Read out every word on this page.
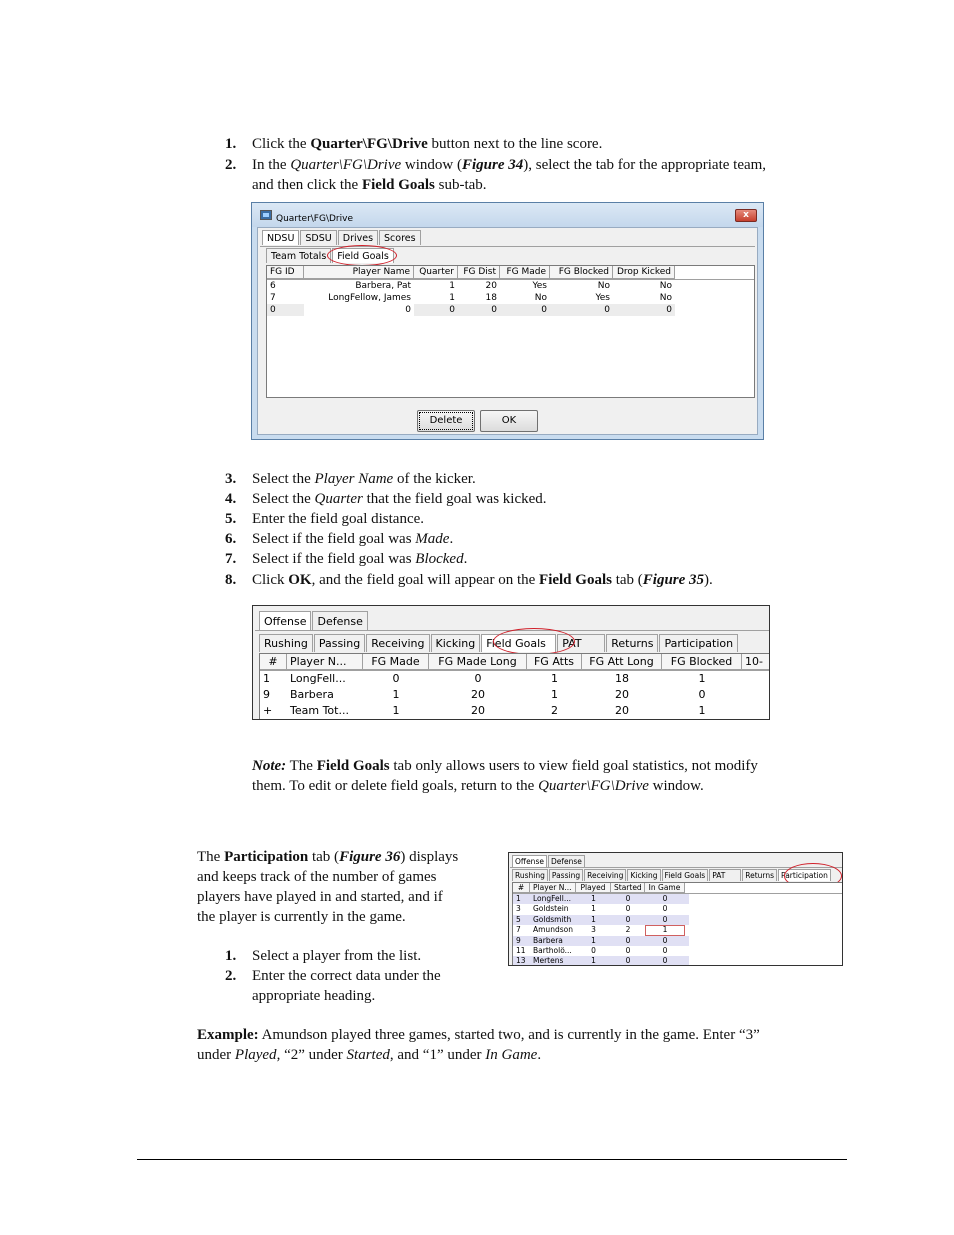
1.	Click the Quarter\FG\Drive button next to the line score.
2.	In the Quarter\FG\Drive window (Figure 34), select the tab for the appropriate team,
and then click the Field Goals sub-tab.
Quarter\FG\Drive	x
NDSU	SDSU	Drives	Scores
Team Totals	Field Goals
FG ID	Player Name	Quarter	FG Dist	FG Made	FG Blocked Drop Kicked
6	Barbera, Pat	1	20	Yes	No	No
7	LongFellow, James	1	18	No	Yes	No
0	0	0	0	0	0	0
Delete	OK
3.	Select the Player Name of the kicker.
4.	Select the Quarter that the field goal was kicked.
5.	Enter the field goal distance.
6.	Select if the field goal was Made.
7.	Select if the field goal was Blocked.
8.	Click OK, and the field goal will appear on the Field Goals tab (Figure 35).
Offense	Defense
Rushing	Passing	Receiving	Kicking	Field Goals	PAT	Returns	Participation
#	Player N...	FG Made	FG Made Long	FG Atts	FG Att Long	FG Blocked	10-
1	LongFell...	0	0	1	18	1
9	Barbera	1	20	1	20	0
+	Team Tot...	1	20	2	20	1
Note: The Field Goals tab only allows users to view field goal statistics, not modify
them. To edit or delete field goals, return to the Quarter\FG\Drive window.
The Participation tab (Figure 36) displays
and keeps track of the number of games
players have played in and started, and if
the player is currently in the game.
1.	Select a player from the list.
2.	Enter the correct data under the
appropriate heading.
Offense Defense
Rushing Passing Receiving Kicking Field Goals PAT	Returns Participation
#	Player N...	Played	Started In Game
1	LongFell...	1	0	0
3	Goldstein	1	0	0
5	Goldsmith	1	0	0
7	Amundson	3	2	1
9	Barbera	1	0	0
11 Bartholö...	0	0	0
13 Mertens	1	0	0
Example: Amundson played three games, started two, and is currently in the game. Enter “3”
under Played, “2” under Started, and “1” under In Game.
